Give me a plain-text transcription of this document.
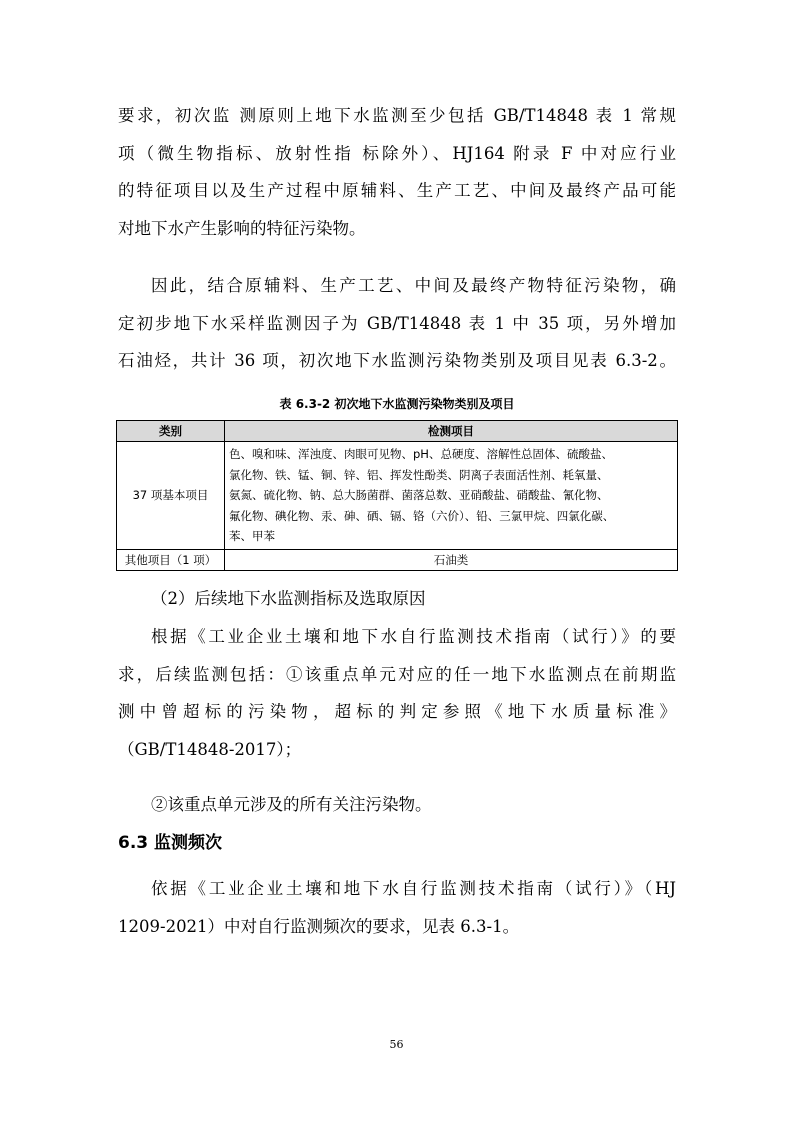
要求，初次监 测原则上地下水监测至少包括 GB/T14848 表 1 常规
项（微生物指标、放射性指 标除外）、HJ164 附录 F 中对应行业
的特征项目以及生产过程中原辅料、生产工艺、中间及最终产品可能
对地下水产生影响的特征污染物。
因此，结合原辅料、生产工艺、中间及最终产物特征污染物，确
定初步地下水采样监测因子为 GB/T14848 表 1 中 35 项，另外增加
石油烃，共计 36 项，初次地下水监测污染物类别及项目见表 6.3-2。
表 6.3-2 初次地下水监测污染物类别及项目
类别	检测项目
37 项基本项目	色、嗅和味、浑浊度、肉眼可见物、pH、总硬度、溶解性总固体、硫酸盐、
氯化物、铁、锰、铜、锌、铝、挥发性酚类、阴离子表面活性剂、耗氧量、
氨氮、硫化物、钠、总大肠菌群、菌落总数、亚硝酸盐、硝酸盐、氰化物、
氟化物、碘化物、汞、砷、硒、镉、铬（六价）、铅、三氯甲烷、四氯化碳、
苯、甲苯

其他项目（1 项）	石油类
（2）后续地下水监测指标及选取原因
根据《工业企业土壤和地下水自行监测技术指南（试行）》的要
求，后续监测包括：①该重点单元对应的任一地下水监测点在前期监
测中曾超标的污染物，超标的判定参照《地下水质量标准》
（GB/T14848-2017）；
②该重点单元涉及的所有关注污染物。
6.3 监测频次
依据《工业企业土壤和地下水自行监测技术指南（试行）》（HJ
1209-2021）中对自行监测频次的要求，见表 6.3-1。
56
